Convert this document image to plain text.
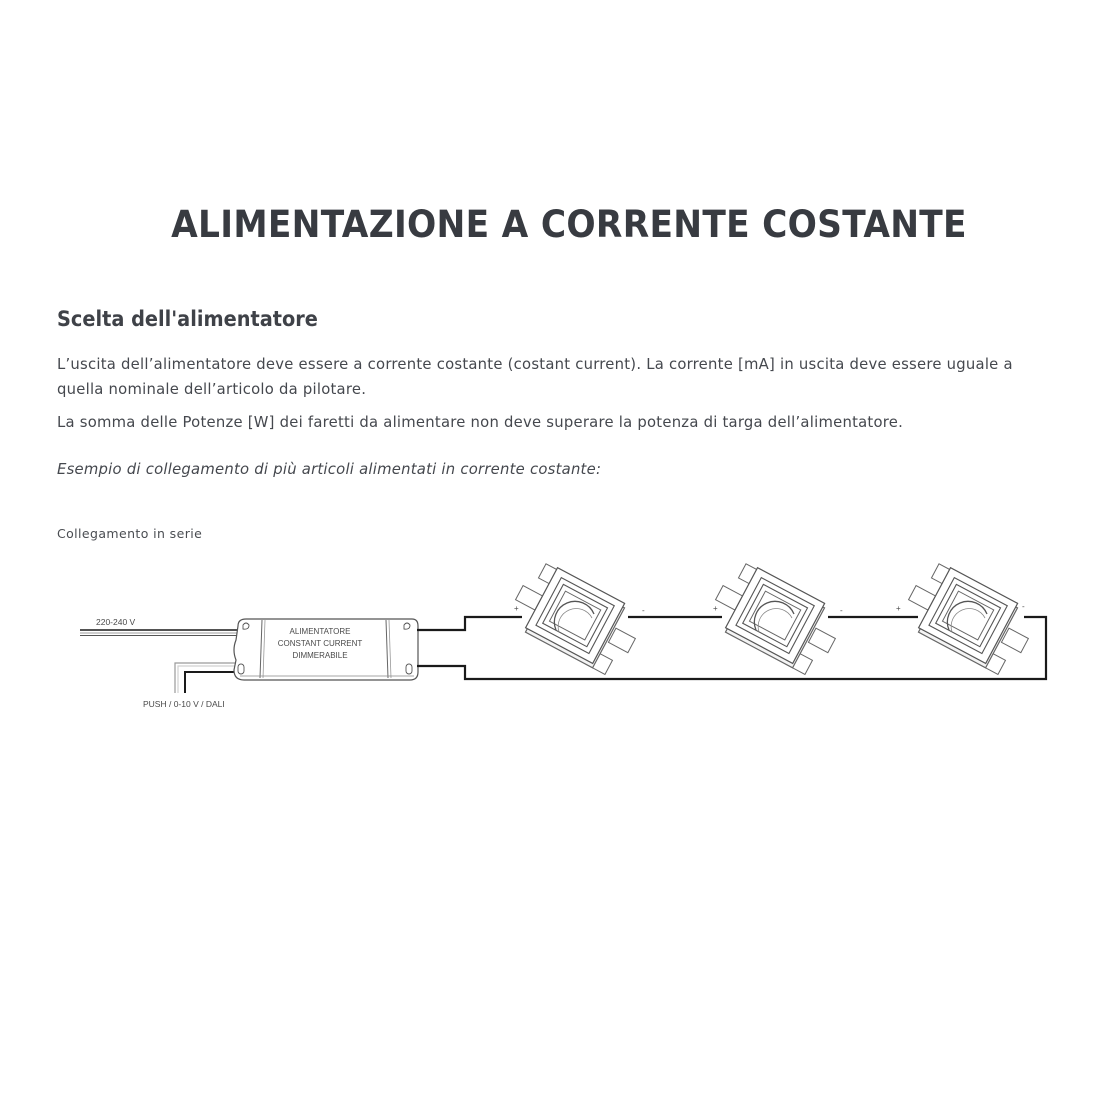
ALIMENTAZIONE A CORRENTE COSTANTE
Scelta dell'alimentatore
L’uscita dell’alimentatore deve essere a corrente costante (costant current). La corrente [mA] in uscita deve essere uguale a
quella nominale dell’articolo da pilotare.
La somma delle Potenze [W] dei faretti da alimentare non deve superare la potenza di targa dell’alimentatore.
Esempio di collegamento di più articoli alimentati in corrente costante:
Collegamento in serie
220-240 V
PUSH / 0-10 V / DALI
ALIMENTATORE
CONSTANT CURRENT
DIMMERABILE
+	-	+	-	+	-
